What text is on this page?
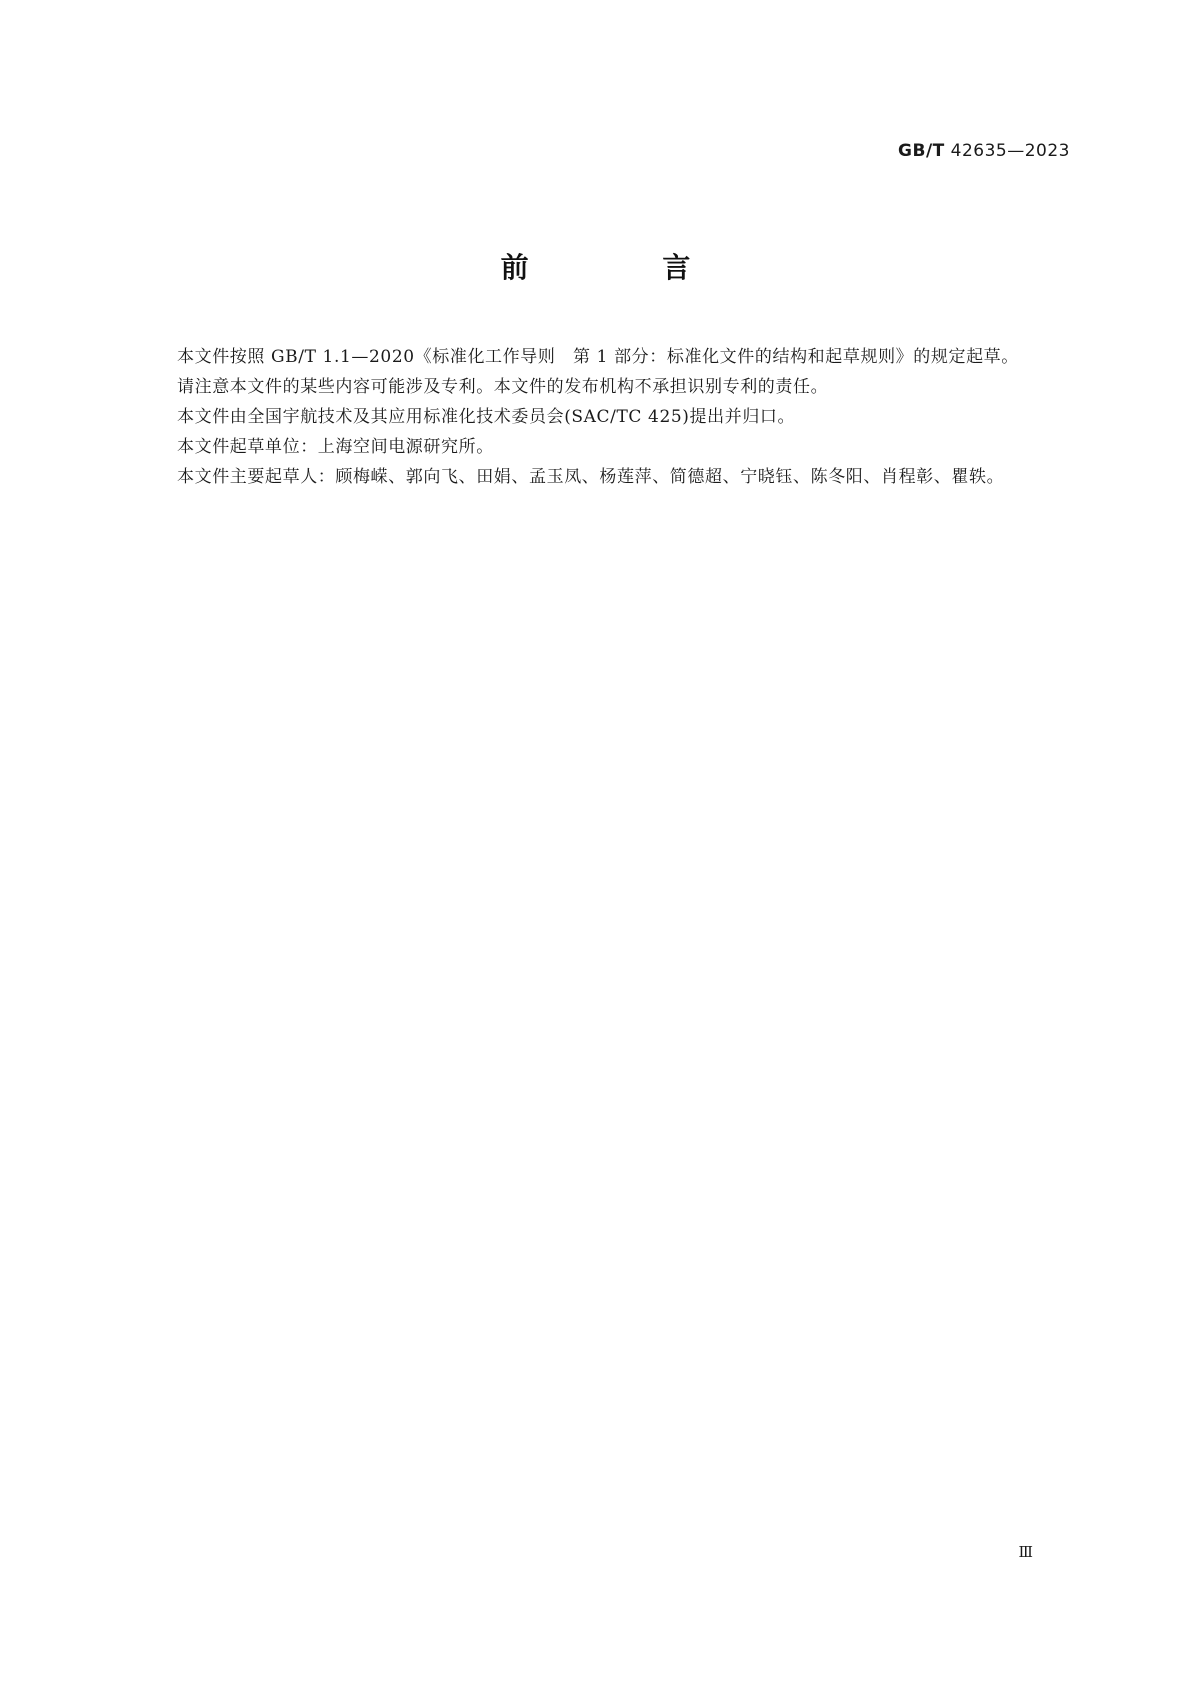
GB/T 42635—2023
前 言

本文件按照 GB/T 1.1—2020《标准化工作导则　第 1 部分：标准化文件的结构和起草规则》的规定起草。

请注意本文件的某些内容可能涉及专利。本文件的发布机构不承担识别专利的责任。

本文件由全国宇航技术及其应用标准化技术委员会(SAC/TC 425)提出并归口。

本文件起草单位：上海空间电源研究所。

本文件主要起草人：顾梅嵘、郭向飞、田娟、孟玉凤、杨莲萍、简德超、宁晓钰、陈冬阳、肖程彰、瞿轶。

Ⅲ
